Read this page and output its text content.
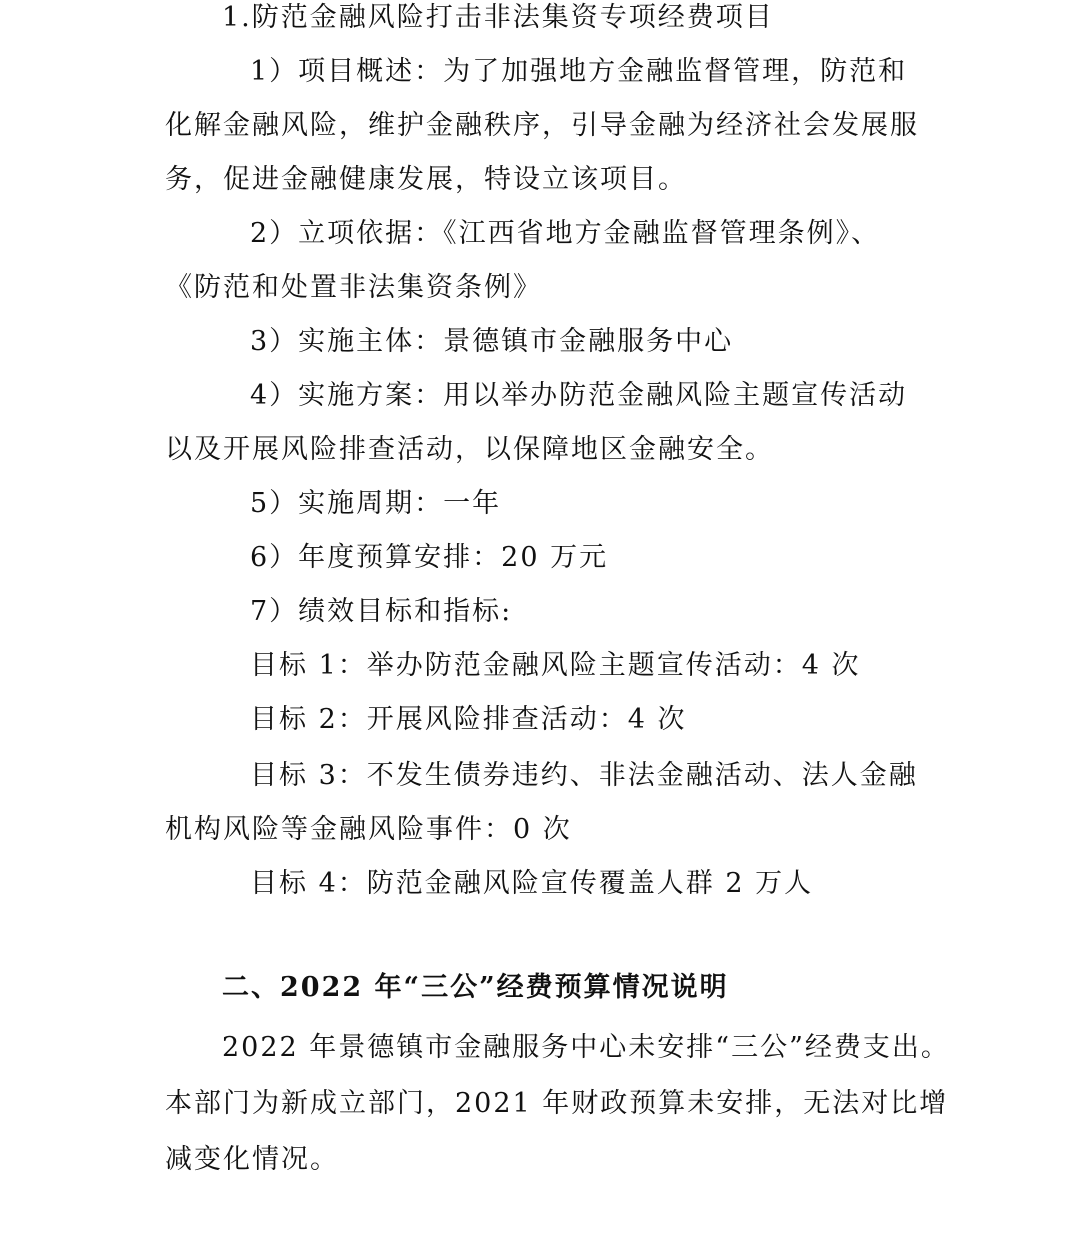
1.防范金融风险打击非法集资专项经费项目

1）项目概述：为了加强地方金融监督管理，防范和

化解金融风险，维护金融秩序，引导金融为经济社会发展服

务，促进金融健康发展，特设立该项目。

2）立项依据：《江西省地方金融监督管理条例》、

《防范和处置非法集资条例》

3）实施主体：景德镇市金融服务中心

4）实施方案：用以举办防范金融风险主题宣传活动

以及开展风险排查活动，以保障地区金融安全。

5）实施周期：一年

6）年度预算安排：20 万元

7）绩效目标和指标:

目标 1：举办防范金融风险主题宣传活动：4 次

目标 2：开展风险排查活动：4 次

目标 3：不发生债券违约、非法金融活动、法人金融

机构风险等金融风险事件：0 次

目标 4：防范金融风险宣传覆盖人群 2 万人

二、2022 年“三公”经费预算情况说明

2022 年景德镇市金融服务中心未安排“三公”经费支出。

本部门为新成立部门，2021 年财政预算未安排，无法对比增

减变化情况。
